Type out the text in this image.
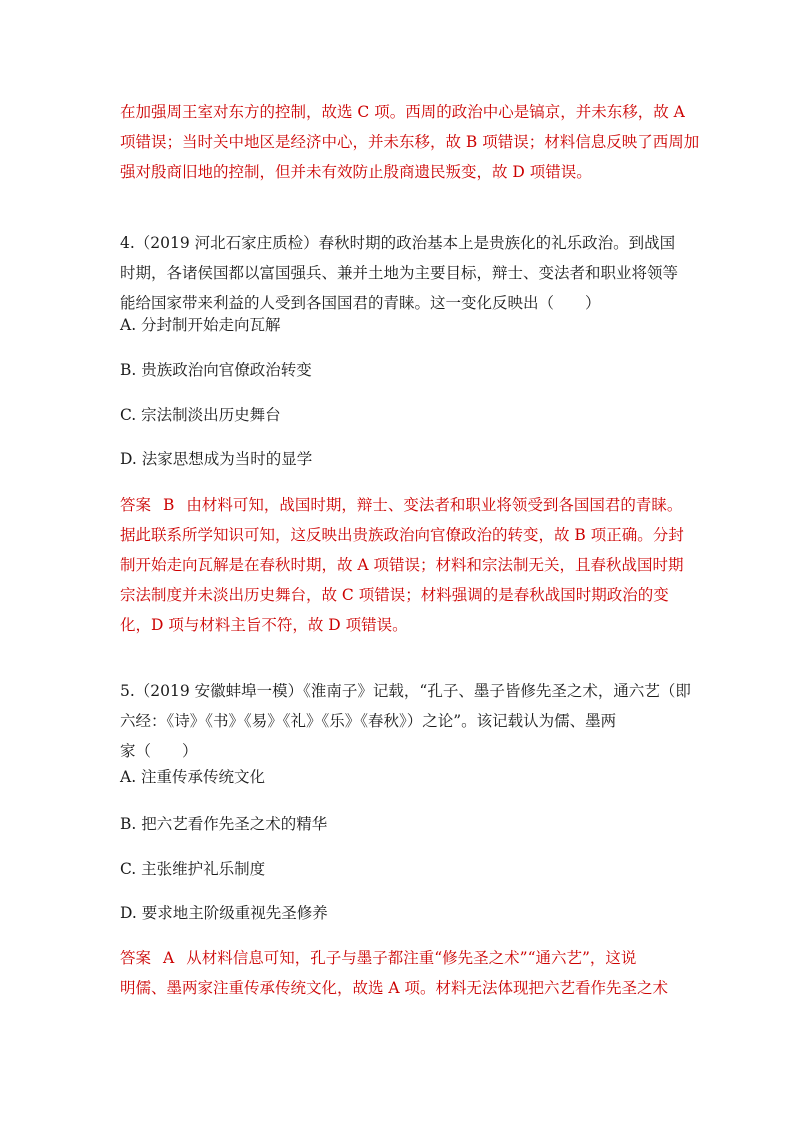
在加强周王室对东方的控制，故选 C 项。西周的政治中心是镐京，并未东移，故 A
项错误；当时关中地区是经济中心，并未东移，故 B 项错误；材料信息反映了西周加
强对殷商旧地的控制，但并未有效防止殷商遗民叛变，故 D 项错误。
4.（2019 河北石家庄质检）春秋时期的政治基本上是贵族化的礼乐政治。到战国
时期，各诸侯国都以富国强兵、兼并土地为主要目标，辩士、变法者和职业将领等
能给国家带来利益的人受到各国国君的青睐。这一变化反映出（　　）
A. 分封制开始走向瓦解
B. 贵族政治向官僚政治转变
C. 宗法制淡出历史舞台
D. 法家思想成为当时的显学
答案 B 由材料可知，战国时期，辩士、变法者和职业将领受到各国国君的青睐。
据此联系所学知识可知，这反映出贵族政治向官僚政治的转变，故 B 项正确。分封
制开始走向瓦解是在春秋时期，故 A 项错误；材料和宗法制无关，且春秋战国时期
宗法制度并未淡出历史舞台，故 C 项错误；材料强调的是春秋战国时期政治的变
化，D 项与材料主旨不符，故 D 项错误。
5.（2019 安徽蚌埠一模）《淮南子》记载，“孔子、墨子皆修先圣之术，通六艺（即
六经：《诗》《书》《易》《礼》《乐》《春秋》）之论”。该记载认为儒、墨两
家（　　）
A. 注重传承传统文化
B. 把六艺看作先圣之术的精华
C. 主张维护礼乐制度
D. 要求地主阶级重视先圣修养
答案 A 从材料信息可知，孔子与墨子都注重“修先圣之术”“通六艺”，这说
明儒、墨两家注重传承传统文化，故选 A 项。材料无法体现把六艺看作先圣之术
